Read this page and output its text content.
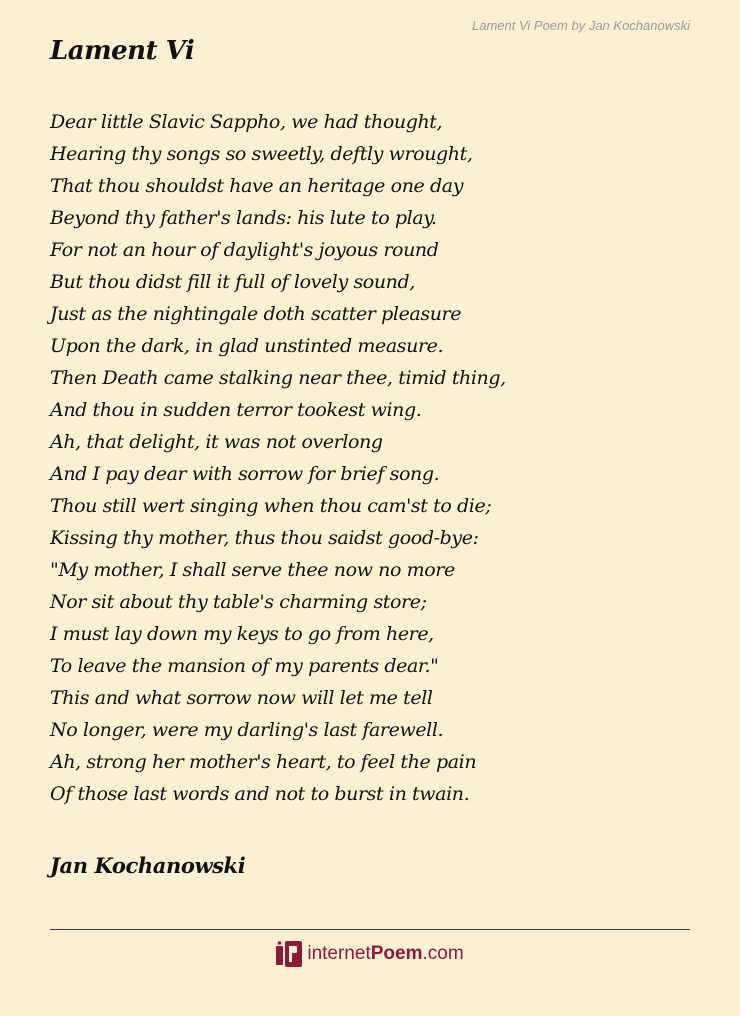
Lament Vi Poem by Jan Kochanowski
Lament Vi
Dear little Slavic Sappho, we had thought,
Hearing thy songs so sweetly, deftly wrought,
That thou shouldst have an heritage one day
Beyond thy father's lands: his lute to play.
For not an hour of daylight's joyous round
But thou didst fill it full of lovely sound,
Just as the nightingale doth scatter pleasure
Upon the dark, in glad unstinted measure.
Then Death came stalking near thee, timid thing,
And thou in sudden terror tookest wing.
Ah, that delight, it was not overlong
And I pay dear with sorrow for brief song.
Thou still wert singing when thou cam'st to die;
Kissing thy mother, thus thou saidst good-bye:
"My mother, I shall serve thee now no more
Nor sit about thy table's charming store;
I must lay down my keys to go from here,
To leave the mansion of my parents dear."
This and what sorrow now will let me tell
No longer, were my darling's last farewell.
Ah, strong her mother's heart, to feel the pain
Of those last words and not to burst in twain.
Jan Kochanowski
internetPoem.com
